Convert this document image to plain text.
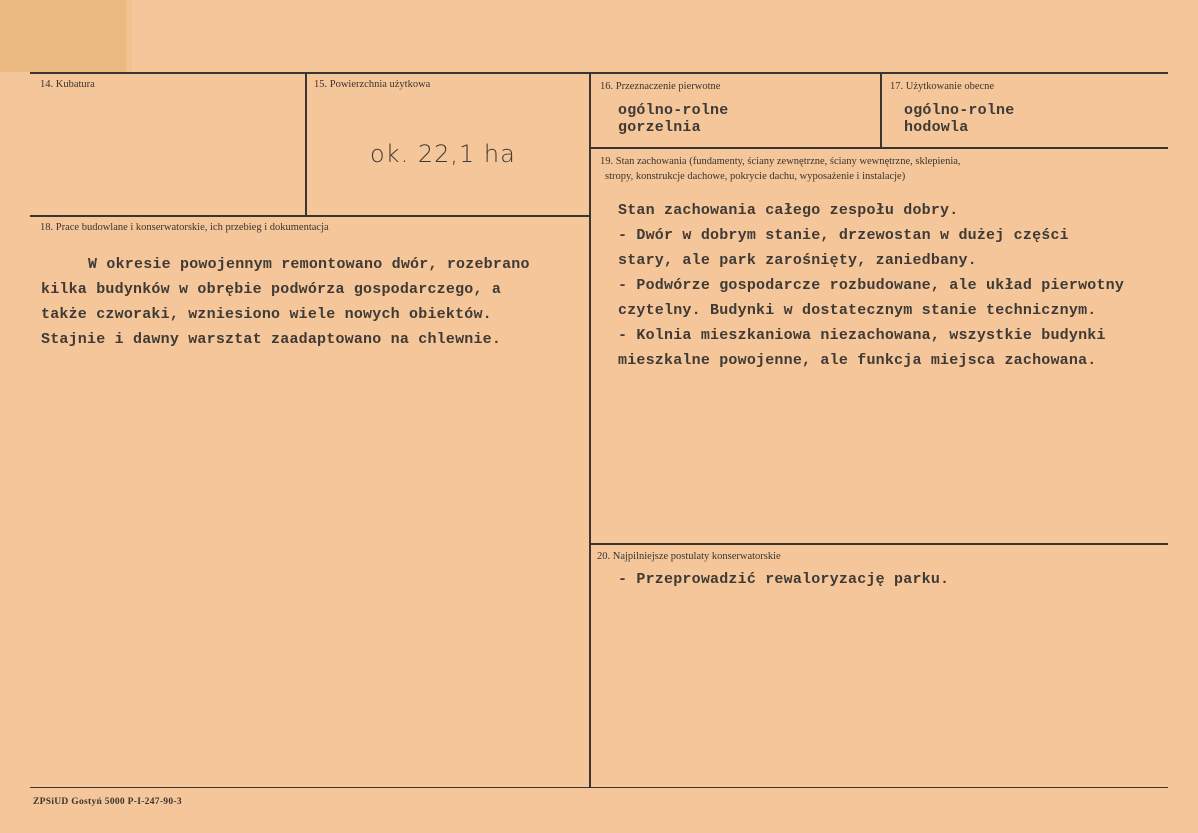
14. Kubatura	15. Powierzchnia użytkowa
ok. 22,1 ha
16. Przeznaczenie pierwotne
ogólno-rolne
gorzelnia
17. Użytkowanie obecne
ogólno-rolne
hodowla
19. Stan zachowania (fundamenty, ściany zewnętrzne, ściany wewnętrzne, sklepienia,
stropy, konstrukcje dachowe, pokrycie dachu, wyposażenie i instalacje)
Stan zachowania całego zespołu dobry.
- Dwór w dobrym stanie, drzewostan w dużej części
stary, ale park zarośnięty, zaniedbany.
- Podwórze gospodarcze rozbudowane, ale układ pierwotny
czytelny. Budynki w dostatecznym stanie technicznym.
- Kolnia mieszkaniowa niezachowana, wszystkie budynki
mieszkalne powojenne, ale funkcja miejsca zachowana.
18. Prace budowlane i konserwatorskie, ich przebieg i dokumentacja
W okresie powojennym remontowano dwór, rozebrano
kilka budynków w obrębie podwórza gospodarczego, a
także czworaki, wzniesiono wiele nowych obiektów.
Stajnie i dawny warsztat zaadaptowano na chlewnie.
20. Najpilniejsze postulaty konserwatorskie
- Przeprowadzić rewaloryzację parku.
ZPSiUD Gostyń 5000 P-I-247-90-3
